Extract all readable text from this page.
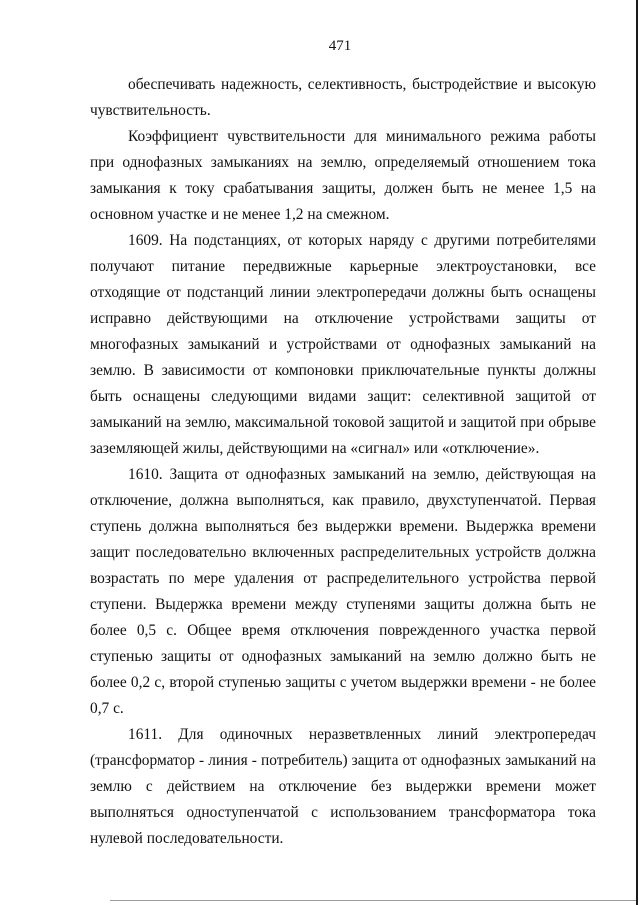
471

обеспечивать надежность, селективность, быстродействие и высокую чувствительность.

Коэффициент чувствительности для минимального режима работы при однофазных замыканиях на землю, определяемый отношением тока замыкания к току срабатывания защиты, должен быть не менее 1,5 на основном участке и не менее 1,2 на смежном.

1609. На подстанциях, от которых наряду с другими потребителями получают питание передвижные карьерные электроустановки, все отходящие от подстанций линии электропередачи должны быть оснащены исправно действующими на отключение устройствами защиты от многофазных замыканий и устройствами от однофазных замыканий на землю. В зависимости от компоновки приключательные пункты должны быть оснащены следующими видами защит: селективной защитой от замыканий на землю, максимальной токовой защитой и защитой при обрыве заземляющей жилы, действующими на «сигнал» или «отключение».

1610. Защита от однофазных замыканий на землю, действующая на отключение, должна выполняться, как правило, двухступенчатой. Первая ступень должна выполняться без выдержки времени. Выдержка времени защит последовательно включенных распределительных устройств должна возрастать по мере удаления от распределительного устройства первой ступени. Выдержка времени между ступенями защиты должна быть не более 0,5 с. Общее время отключения поврежденного участка первой ступенью защиты от однофазных замыканий на землю должно быть не более 0,2 с, второй ступенью защиты с учетом выдержки времени - не более 0,7 с.

1611. Для одиночных неразветвленных линий электропередач (трансформатор - линия - потребитель) защита от однофазных замыканий на землю с действием на отключение без выдержки времени может выполняться одноступенчатой с использованием трансформатора тока нулевой последовательности.
